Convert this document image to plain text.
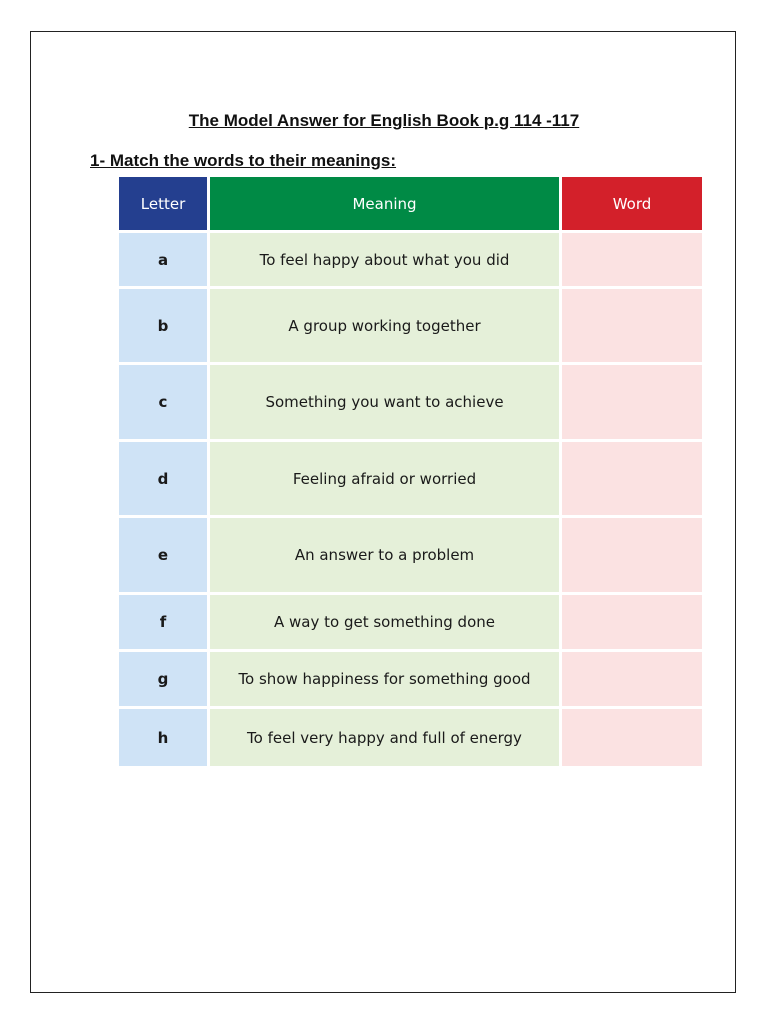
The Model Answer for English Book p.g 114 -117
1- Match the words to their meanings:
Letter	Meaning	Word
a	To feel happy about what you did	
b	A group working together	
c	Something you want to achieve	
d	Feeling afraid or worried	
e	An answer to a problem	
f	A way to get something done	
g	To show happiness for something good	
h	To feel very happy and full of energy	
